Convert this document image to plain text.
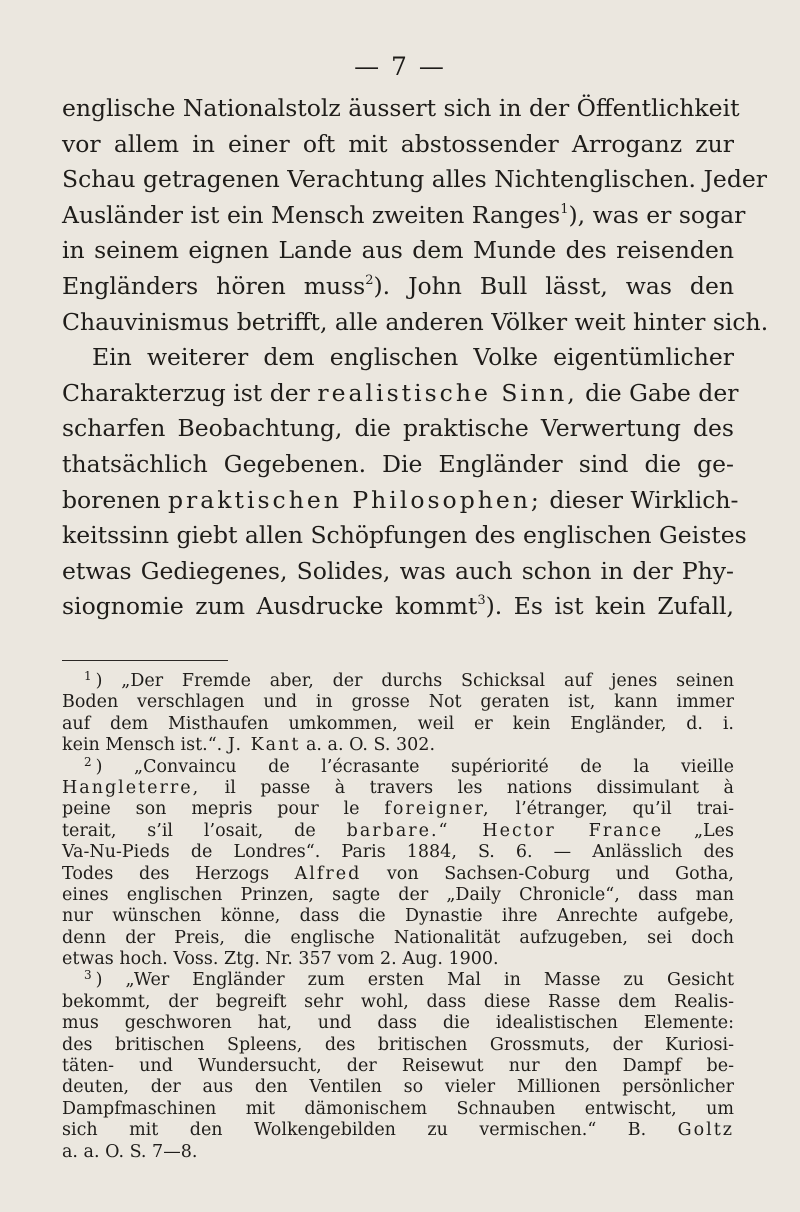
— 7 —
englische Nationalstolz äussert sich in der Öffentlichkeit
vor allem in einer oft mit abstossender Arroganz zur
Schau getragenen Verachtung alles Nichtenglischen. Jeder
Ausländer ist ein Mensch zweiten Ranges$^1$), was er sogar
in seinem eignen Lande aus dem Munde des reisenden
Engländers hören muss$^2$). John Bull lässt, was den
Chauvinismus betrifft, alle anderen Völker weit hinter sich.
Ein weiterer dem englischen Volke eigentümlicher
Charakterzug ist der realistische Sinn, die Gabe der
scharfen Beobachtung, die praktische Verwertung des
thatsächlich Gegebenen. Die Engländer sind die ge-
borenen praktischen Philosophen; dieser Wirklich-
keitssinn giebt allen Schöpfungen des englischen Geistes
etwas Gediegenes, Solides, was auch schon in der Phy-
siognomie zum Ausdrucke kommt$^3$). Es ist kein Zufall,
$^1$ ) „Der Fremde aber, der durchs Schicksal auf jenes seinen
Boden verschlagen und in grosse Not geraten ist, kann immer
auf dem Misthaufen umkommen, weil er kein Engländer, d. i.
kein Mensch ist.“. J. Kant a. a. O. S. 302.
$^2$ ) „Convaincu de l’écrasante supériorité de la vieille
Hangleterre, il passe à travers les nations dissimulant à
peine son mepris pour le foreigner, l’étranger, qu’il trai-
terait, s’il l’osait, de barbare.“ Hector France „Les
Va-Nu-Pieds de Londres“. Paris 1884, S. 6. — Anlässlich des
Todes des Herzogs Alfred von Sachsen-Coburg und Gotha,
eines englischen Prinzen, sagte der „Daily Chronicle“, dass man
nur wünschen könne, dass die Dynastie ihre Anrechte aufgebe,
denn der Preis, die englische Nationalität aufzugeben, sei doch
etwas hoch. Voss. Ztg. Nr. 357 vom 2. Aug. 1900.
$^3$ ) „Wer Engländer zum ersten Mal in Masse zu Gesicht
bekommt, der begreift sehr wohl, dass diese Rasse dem Realis-
mus geschworen hat, und dass die idealistischen Elemente:
des britischen Spleens, des britischen Grossmuts, der Kuriosi-
täten- und Wundersucht, der Reisewut nur den Dampf be-
deuten, der aus den Ventilen so vieler Millionen persönlicher
Dampfmaschinen mit dämonischem Schnauben entwischt, um
sich mit den Wolkengebilden zu vermischen.“ B. Goltz
a. a. O. S. 7—8.
